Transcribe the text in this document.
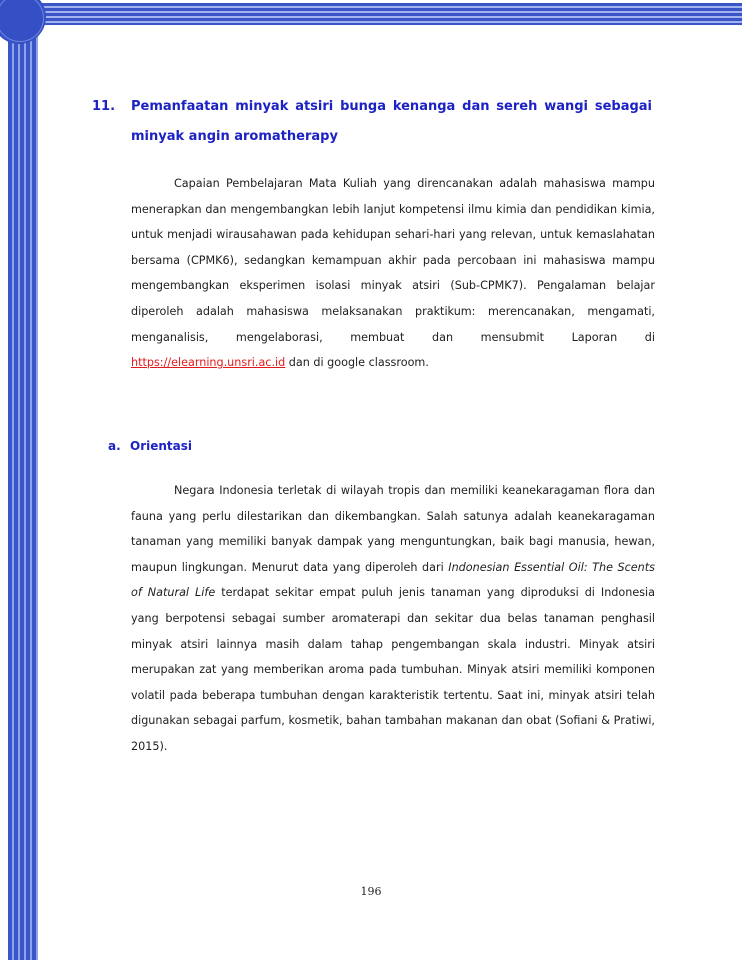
11. Pemanfaatan minyak atsiri bunga kenanga dan sereh wangi sebagai minyak angin aromatherapy
Capaian Pembelajaran Mata Kuliah yang direncanakan adalah mahasiswa mampu menerapkan dan mengembangkan lebih lanjut kompetensi ilmu kimia dan pendidikan kimia, untuk menjadi wirausahawan pada kehidupan sehari-hari yang relevan, untuk kemaslahatan bersama (CPMK6), sedangkan kemampuan akhir pada percobaan ini mahasiswa mampu mengembangkan eksperimen isolasi minyak atsiri (Sub-CPMK7). Pengalaman belajar diperoleh adalah mahasiswa melaksanakan praktikum: merencanakan, mengamati, menganalisis, mengelaborasi, membuat dan mensubmit Laporan di https://elearning.unsri.ac.id dan di google classroom.
a. Orientasi
Negara Indonesia terletak di wilayah tropis dan memiliki keanekaragaman flora dan fauna yang perlu dilestarikan dan dikembangkan. Salah satunya adalah keanekaragaman tanaman yang memiliki banyak dampak yang menguntungkan, baik bagi manusia, hewan, maupun lingkungan. Menurut data yang diperoleh dari Indonesian Essential Oil: The Scents of Natural Life terdapat sekitar empat puluh jenis tanaman yang diproduksi di Indonesia yang berpotensi sebagai sumber aromaterapi dan sekitar dua belas tanaman penghasil minyak atsiri lainnya masih dalam tahap pengembangan skala industri. Minyak atsiri merupakan zat yang memberikan aroma pada tumbuhan. Minyak atsiri memiliki komponen volatil pada beberapa tumbuhan dengan karakteristik tertentu. Saat ini, minyak atsiri telah digunakan sebagai parfum, kosmetik, bahan tambahan makanan dan obat (Sofiani & Pratiwi, 2015).
196
